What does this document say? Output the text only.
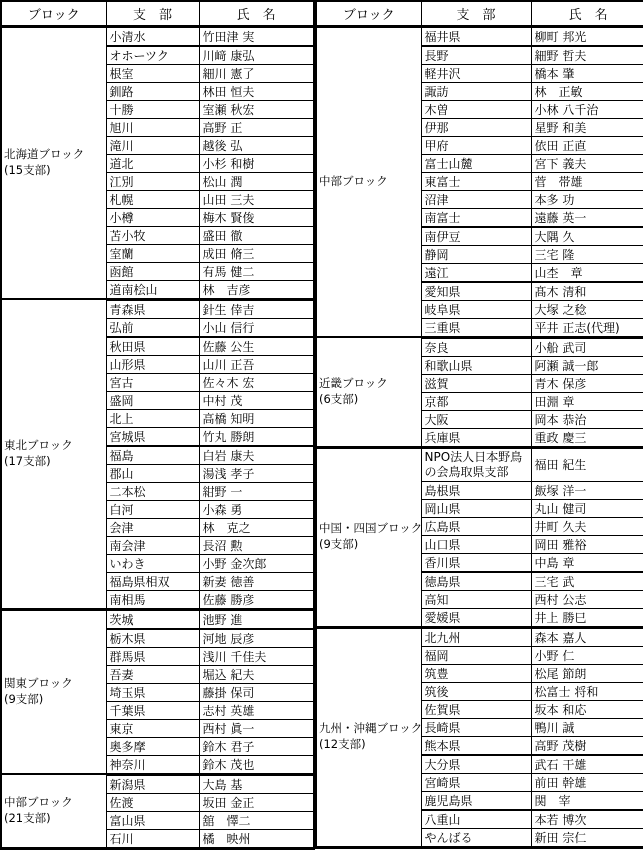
ブロック	支　部	氏　名

北海道ブロック
(15支部)	小清水	竹田津 実
	オホーツク	川﨑 康弘
	根室	細川 憲了
	釧路	林田 恒夫
	十勝	室瀬 秋宏
	旭川	高野 正
	滝川	越後 弘
	道北	小杉 和樹
	江別	松山 潤
	札幌	山田 三夫
	小樽	梅木 賢俊
	苫小牧	盛田 徹
	室蘭	成田 脩三
	函館	有馬 健二
	道南桧山	林　吉彦

東北ブロック
(17支部)	青森県	針生 倖吉
	弘前	小山 信行
	秋田県	佐藤 公生
	山形県	山川 正吾
	宮古	佐々木 宏
	盛岡	中村 茂
	北上	高橋 知明
	宮城県	竹丸 勝朗
	福島	白岩 康夫
	郡山	湯浅 孝子
	二本松	紺野 一
	白河	小森 勇
	会津	林　克之
	南会津	長沼 勲
	いわき	小野 金次郎
	福島県相双	新妻 徳善
	南相馬	佐藤 勝彦

関東ブロック
(9支部)	茨城	池野 進
	栃木県	河地 辰彦
	群馬県	浅川 千佳夫
	吾妻	堀込 紀夫
	埼玉県	藤掛 保司
	千葉県	志村 英雄
	東京	西村 眞一
	奥多摩	鈴木 君子
	神奈川	鈴木 茂也

中部ブロック
(21支部)	新潟県	大島 基
	佐渡	坂田 金正
	富山県	舘　懌二
	石川	橘　映州
ブロック	支　部	氏　名

中部ブロック	福井県	柳町 邦光
	長野	細野 哲夫
	軽井沢	橋本 肇
	諏訪	林　正敏
	木曽	小林 八千治
	伊那	星野 和美
	甲府	依田 正直
	富士山麓	宮下 義夫
	東富士	菅　帯雄
	沼津	本多 功
	南富士	遠藤 英一
	南伊豆	大隅 久
	静岡	三宅 隆
	遠江	山杢　章
	愛知県	髙木 清和
	岐阜県	大塚 之稔
	三重県	平井 正志(代理)

近畿ブロック
(6支部)	奈良	小船 武司
	和歌山県	阿瀬 誠一郎
	滋賀	青木 保彦
	京都	田淵 章
	大阪	岡本 恭治
	兵庫県	重政 慶三

中国・四国ブロック
(9支部)	NPO法人日本野鳥の会鳥取県支部	福田 紀生
	島根県	飯塚 洋一
	岡山県	丸山 健司
	広島県	井町 久夫
	山口県	岡田 雅裕
	香川県	中島 章
	徳島県	三宅 武
	高知	西村 公志
	愛媛県	井上 勝巳

九州・沖縄ブロック
(12支部)	北九州	森本 嘉人
	福岡	小野 仁
	筑豊	松尾 節朗
	筑後	松富士 将和
	佐賀県	坂本 和応
	長崎県	鴨川 誠
	熊本県	高野 茂樹
	大分県	武石 干雄
	宮崎県	前田 幹雄
	鹿児島県	関　宰
	八重山	本若 博次
	やんばる	新田 宗仁
